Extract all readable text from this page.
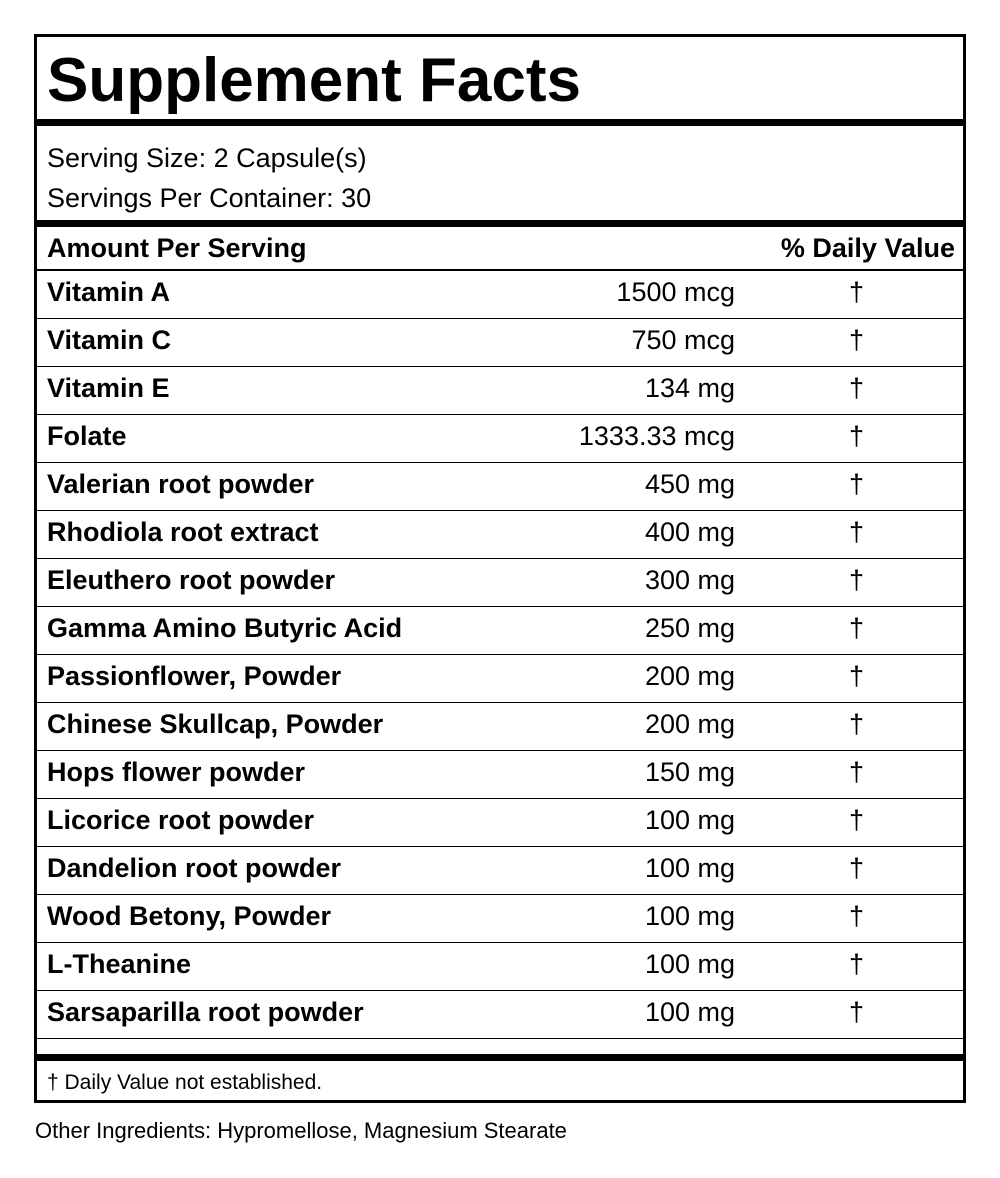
Supplement Facts
Serving Size: 2 Capsule(s)
Servings Per Container: 30
Amount Per Serving	% Daily Value
Vitamin A	1500 mcg	†
Vitamin C	750 mcg	†
Vitamin E	134 mg	†
Folate	1333.33 mcg	†
Valerian root powder	450 mg	†
Rhodiola root extract	400 mg	†
Eleuthero root powder	300 mg	†
Gamma Amino Butyric Acid	250 mg	†
Passionflower, Powder	200 mg	†
Chinese Skullcap, Powder	200 mg	†
Hops flower powder	150 mg	†
Licorice root powder	100 mg	†
Dandelion root powder	100 mg	†
Wood Betony, Powder	100 mg	†
L-Theanine	100 mg	†
Sarsaparilla root powder	100 mg	†
† Daily Value not established.
Other Ingredients: Hypromellose, Magnesium Stearate
